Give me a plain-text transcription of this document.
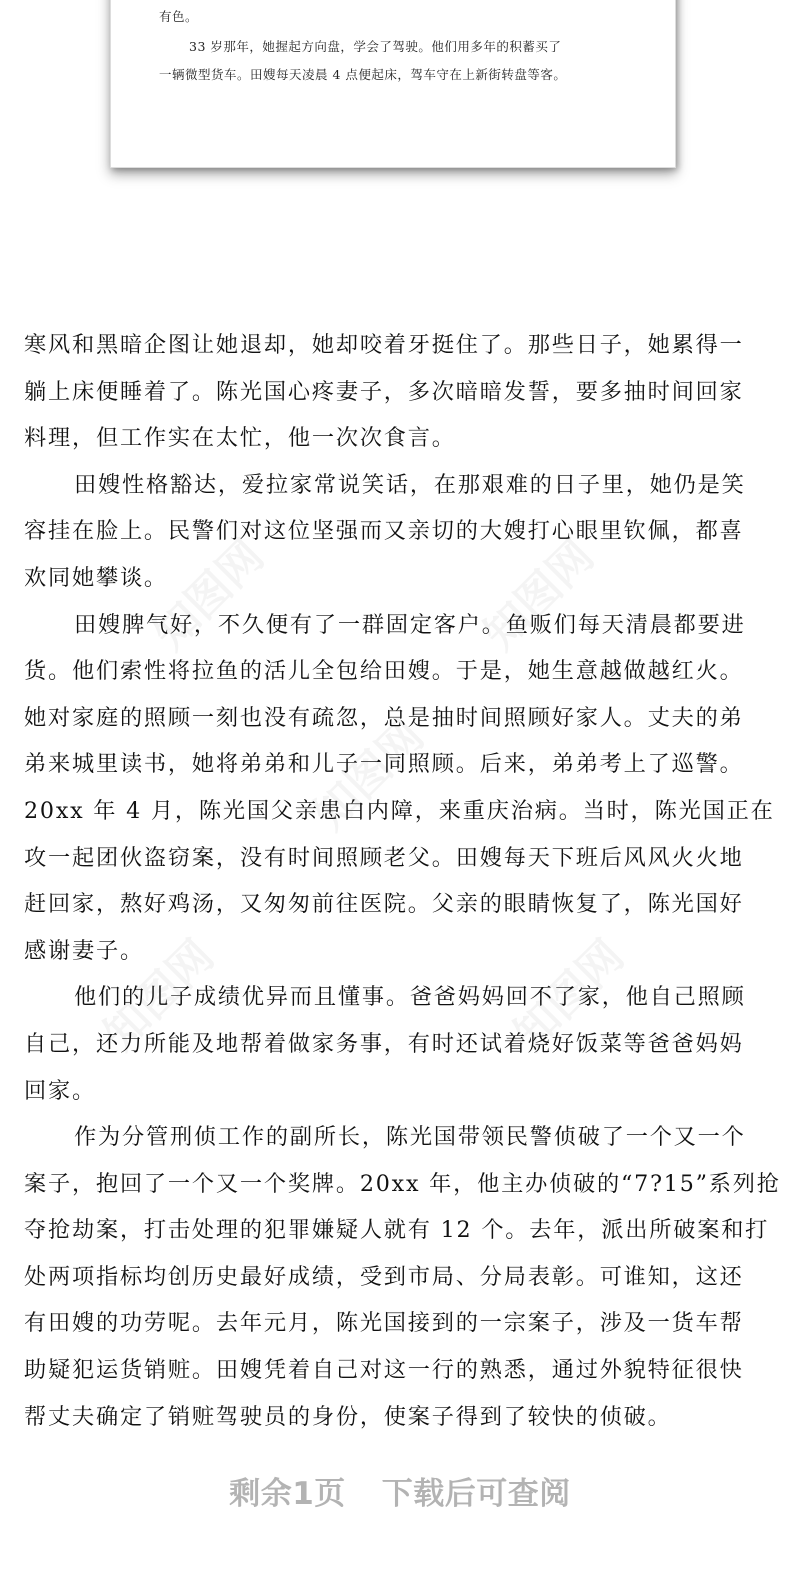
有色。
33 岁那年，她握起方向盘，学会了驾驶。他们用多年的积蓄买了
一辆微型货车。田嫂每天凌晨 4 点便起床，驾车守在上新街转盘等客。
寒风和黑暗企图让她退却，她却咬着牙挺住了。那些日子，她累得一
躺上床便睡着了。陈光国心疼妻子，多次暗暗发誓，要多抽时间回家
料理，但工作实在太忙，他一次次食言。
田嫂性格豁达，爱拉家常说笑话，在那艰难的日子里，她仍是笑
容挂在脸上。民警们对这位坚强而又亲切的大嫂打心眼里钦佩，都喜
欢同她攀谈。
田嫂脾气好，不久便有了一群固定客户。鱼贩们每天清晨都要进
货。他们索性将拉鱼的活儿全包给田嫂。于是，她生意越做越红火。
她对家庭的照顾一刻也没有疏忽，总是抽时间照顾好家人。丈夫的弟
弟来城里读书，她将弟弟和儿子一同照顾。后来，弟弟考上了巡警。
20xx 年 4 月，陈光国父亲患白内障，来重庆治病。当时，陈光国正在
攻一起团伙盗窃案，没有时间照顾老父。田嫂每天下班后风风火火地
赶回家，熬好鸡汤，又匆匆前往医院。父亲的眼睛恢复了，陈光国好
感谢妻子。
他们的儿子成绩优异而且懂事。爸爸妈妈回不了家，他自己照顾
自己，还力所能及地帮着做家务事，有时还试着烧好饭菜等爸爸妈妈
回家。
作为分管刑侦工作的副所长，陈光国带领民警侦破了一个又一个
案子，抱回了一个又一个奖牌。20xx 年，他主办侦破的“7?15”系列抢
夺抢劫案，打击处理的犯罪嫌疑人就有 12 个。去年，派出所破案和打
处两项指标均创历史最好成绩，受到市局、分局表彰。可谁知，这还
有田嫂的功劳呢。去年元月，陈光国接到的一宗案子，涉及一货车帮
助疑犯运货销赃。田嫂凭着自己对这一行的熟悉，通过外貌特征很快
帮丈夫确定了销赃驾驶员的身份，使案子得到了较快的侦破。
剩余1页 下载后可查阅
